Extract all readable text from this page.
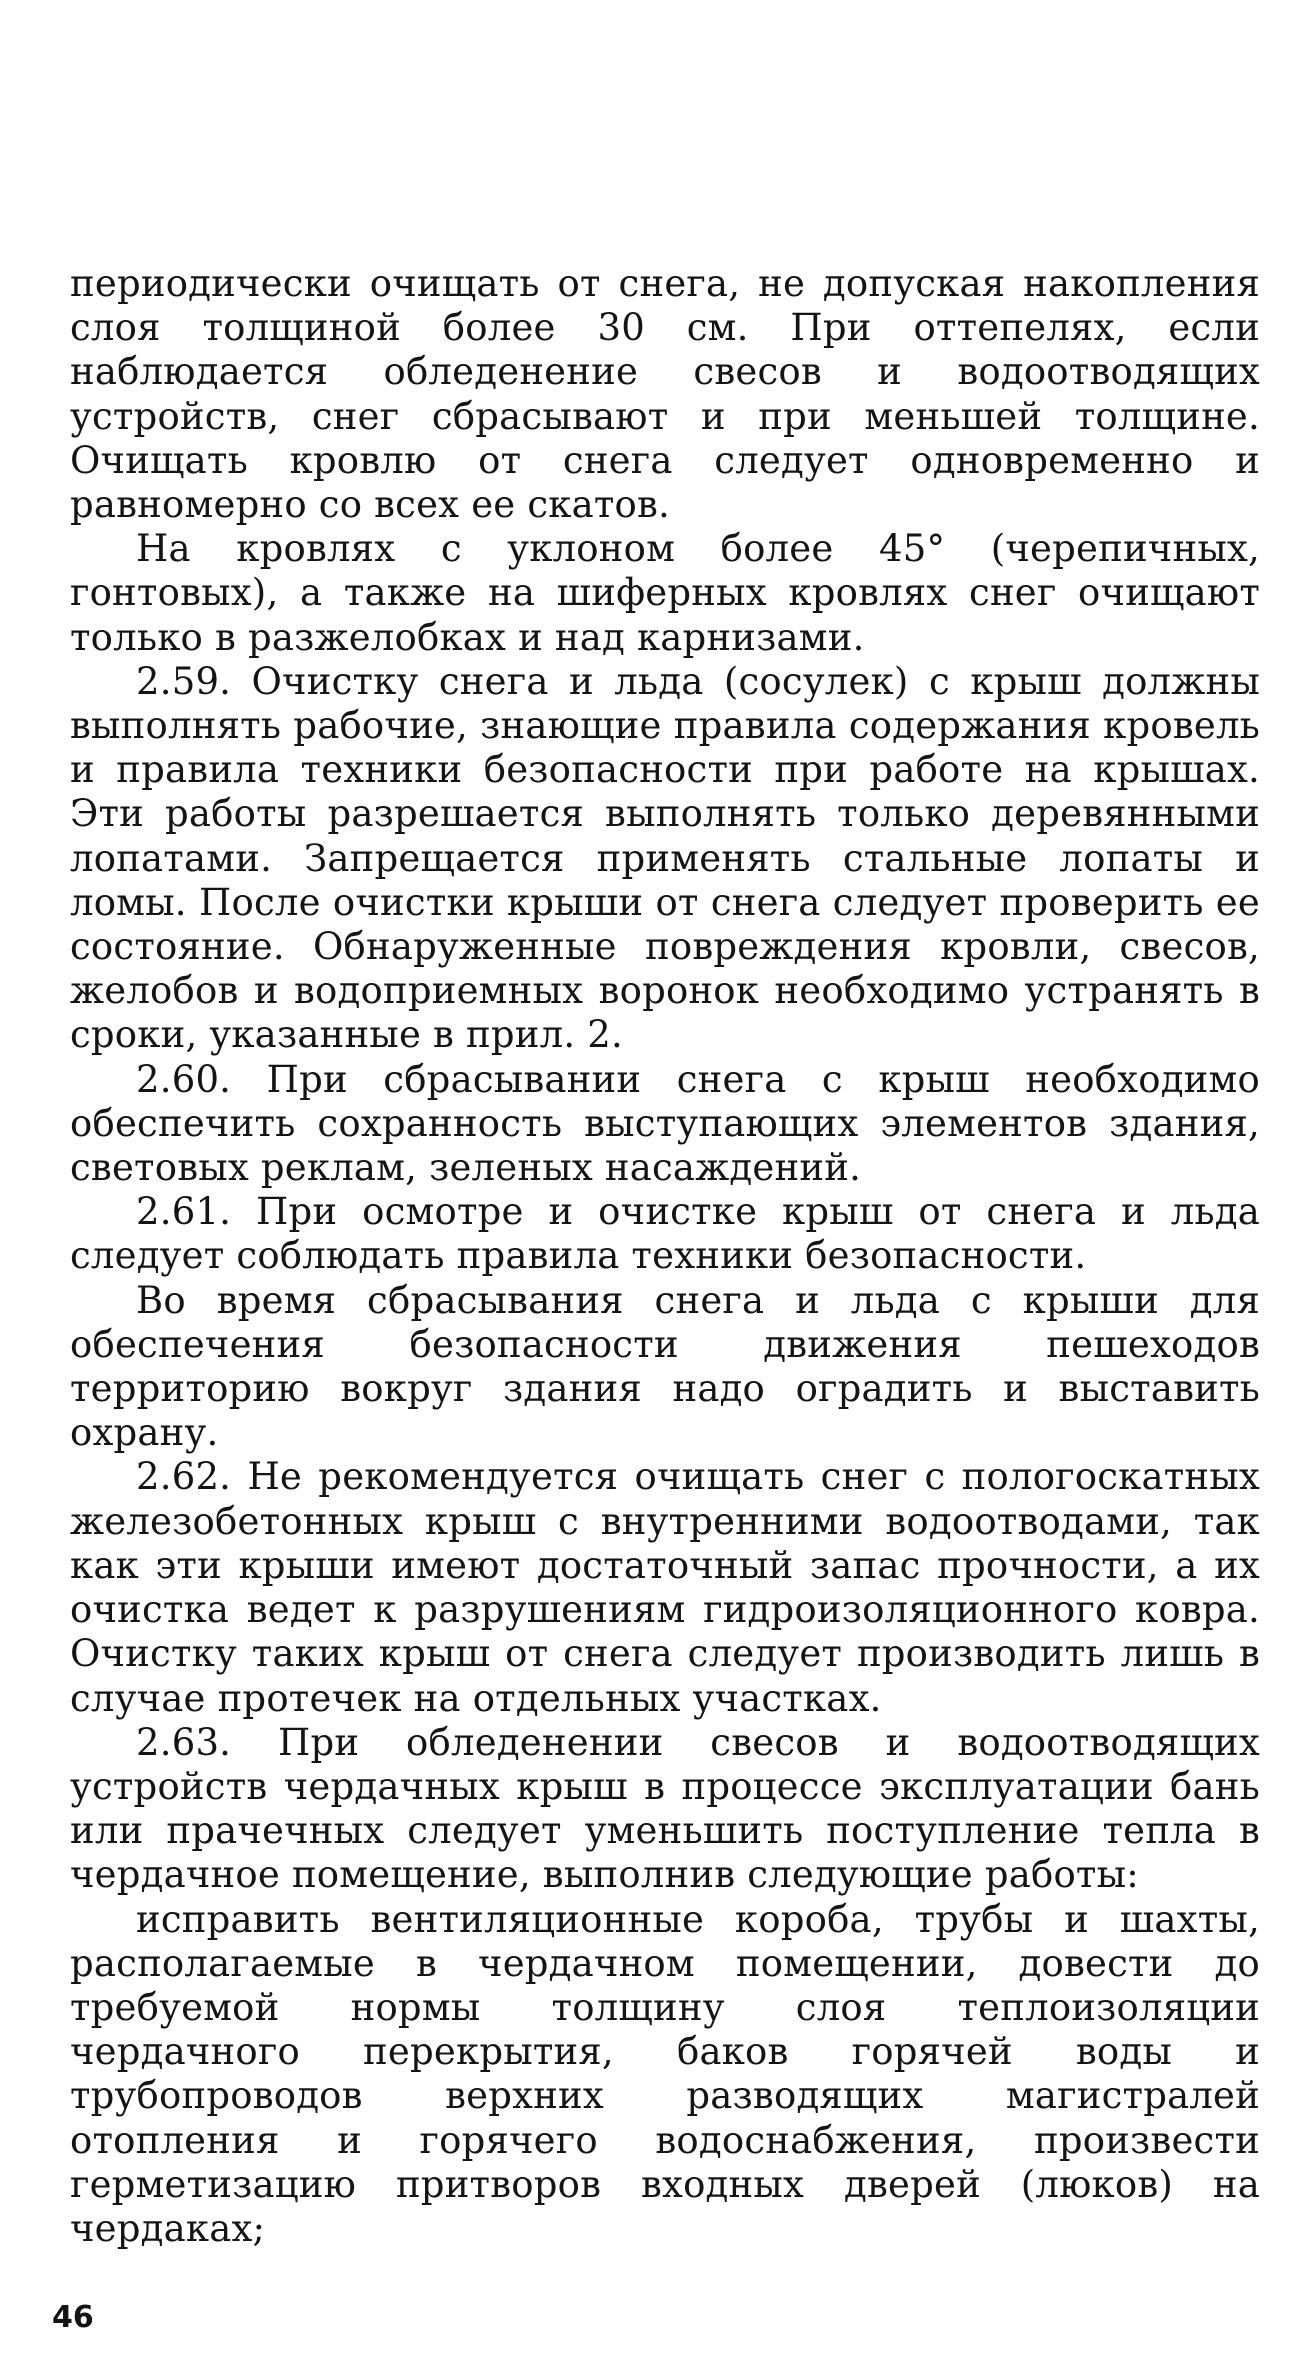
периодически очищать от снега, не допуская накопления слоя толщиной более 30 см. При оттепелях, если наблюдается обледенение свесов и водоотводящих устройств, снег сбрасывают и при меньшей толщине. Очищать кровлю от снега следует одновременно и равномерно со всех ее скатов.

На кровлях с уклоном более 45° (черепичных, гонтовых), а также на шиферных кровлях снег очищают только в разжелобках и над карнизами.

2.59. Очистку снега и льда (сосулек) с крыш должны выполнять рабочие, знающие правила содержания кровель и правила техники безопасности при работе на крышах. Эти работы разрешается выполнять только деревянными лопатами. Запрещается применять стальные лопаты и ломы. После очистки крыши от снега следует проверить ее состояние. Обнаруженные повреждения кровли, свесов, желобов и водоприемных воронок необходимо устранять в сроки, указанные в прил. 2.

2.60. При сбрасывании снега с крыш необходимо обеспечить сохранность выступающих элементов здания, световых реклам, зеленых насаждений.

2.61. При осмотре и очистке крыш от снега и льда следует соблюдать правила техники безопасности.

Во время сбрасывания снега и льда с крыши для обеспечения безопасности движения пешеходов территорию вокруг здания надо оградить и выставить охрану.

2.62. Не рекомендуется очищать снег с пологоскатных железобетонных крыш с внутренними водоотводами, так как эти крыши имеют достаточный запас прочности, а их очистка ведет к разрушениям гидроизоляционного ковра. Очистку таких крыш от снега следует производить лишь в случае протечек на отдельных участках.

2.63. При обледенении свесов и водоотводящих устройств чердачных крыш в процессе эксплуатации бань или прачечных следует уменьшить поступление тепла в чердачное помещение, выполнив следующие работы:

исправить вентиляционные короба, трубы и шахты, располагаемые в чердачном помещении, довести до требуемой нормы толщину слоя теплоизоляции чердачного перекрытия, баков горячей воды и трубопроводов верхних разводящих магистралей отопления и горячего водоснабжения, произвести герметизацию притворов входных дверей (люков) на чердаках;

46
